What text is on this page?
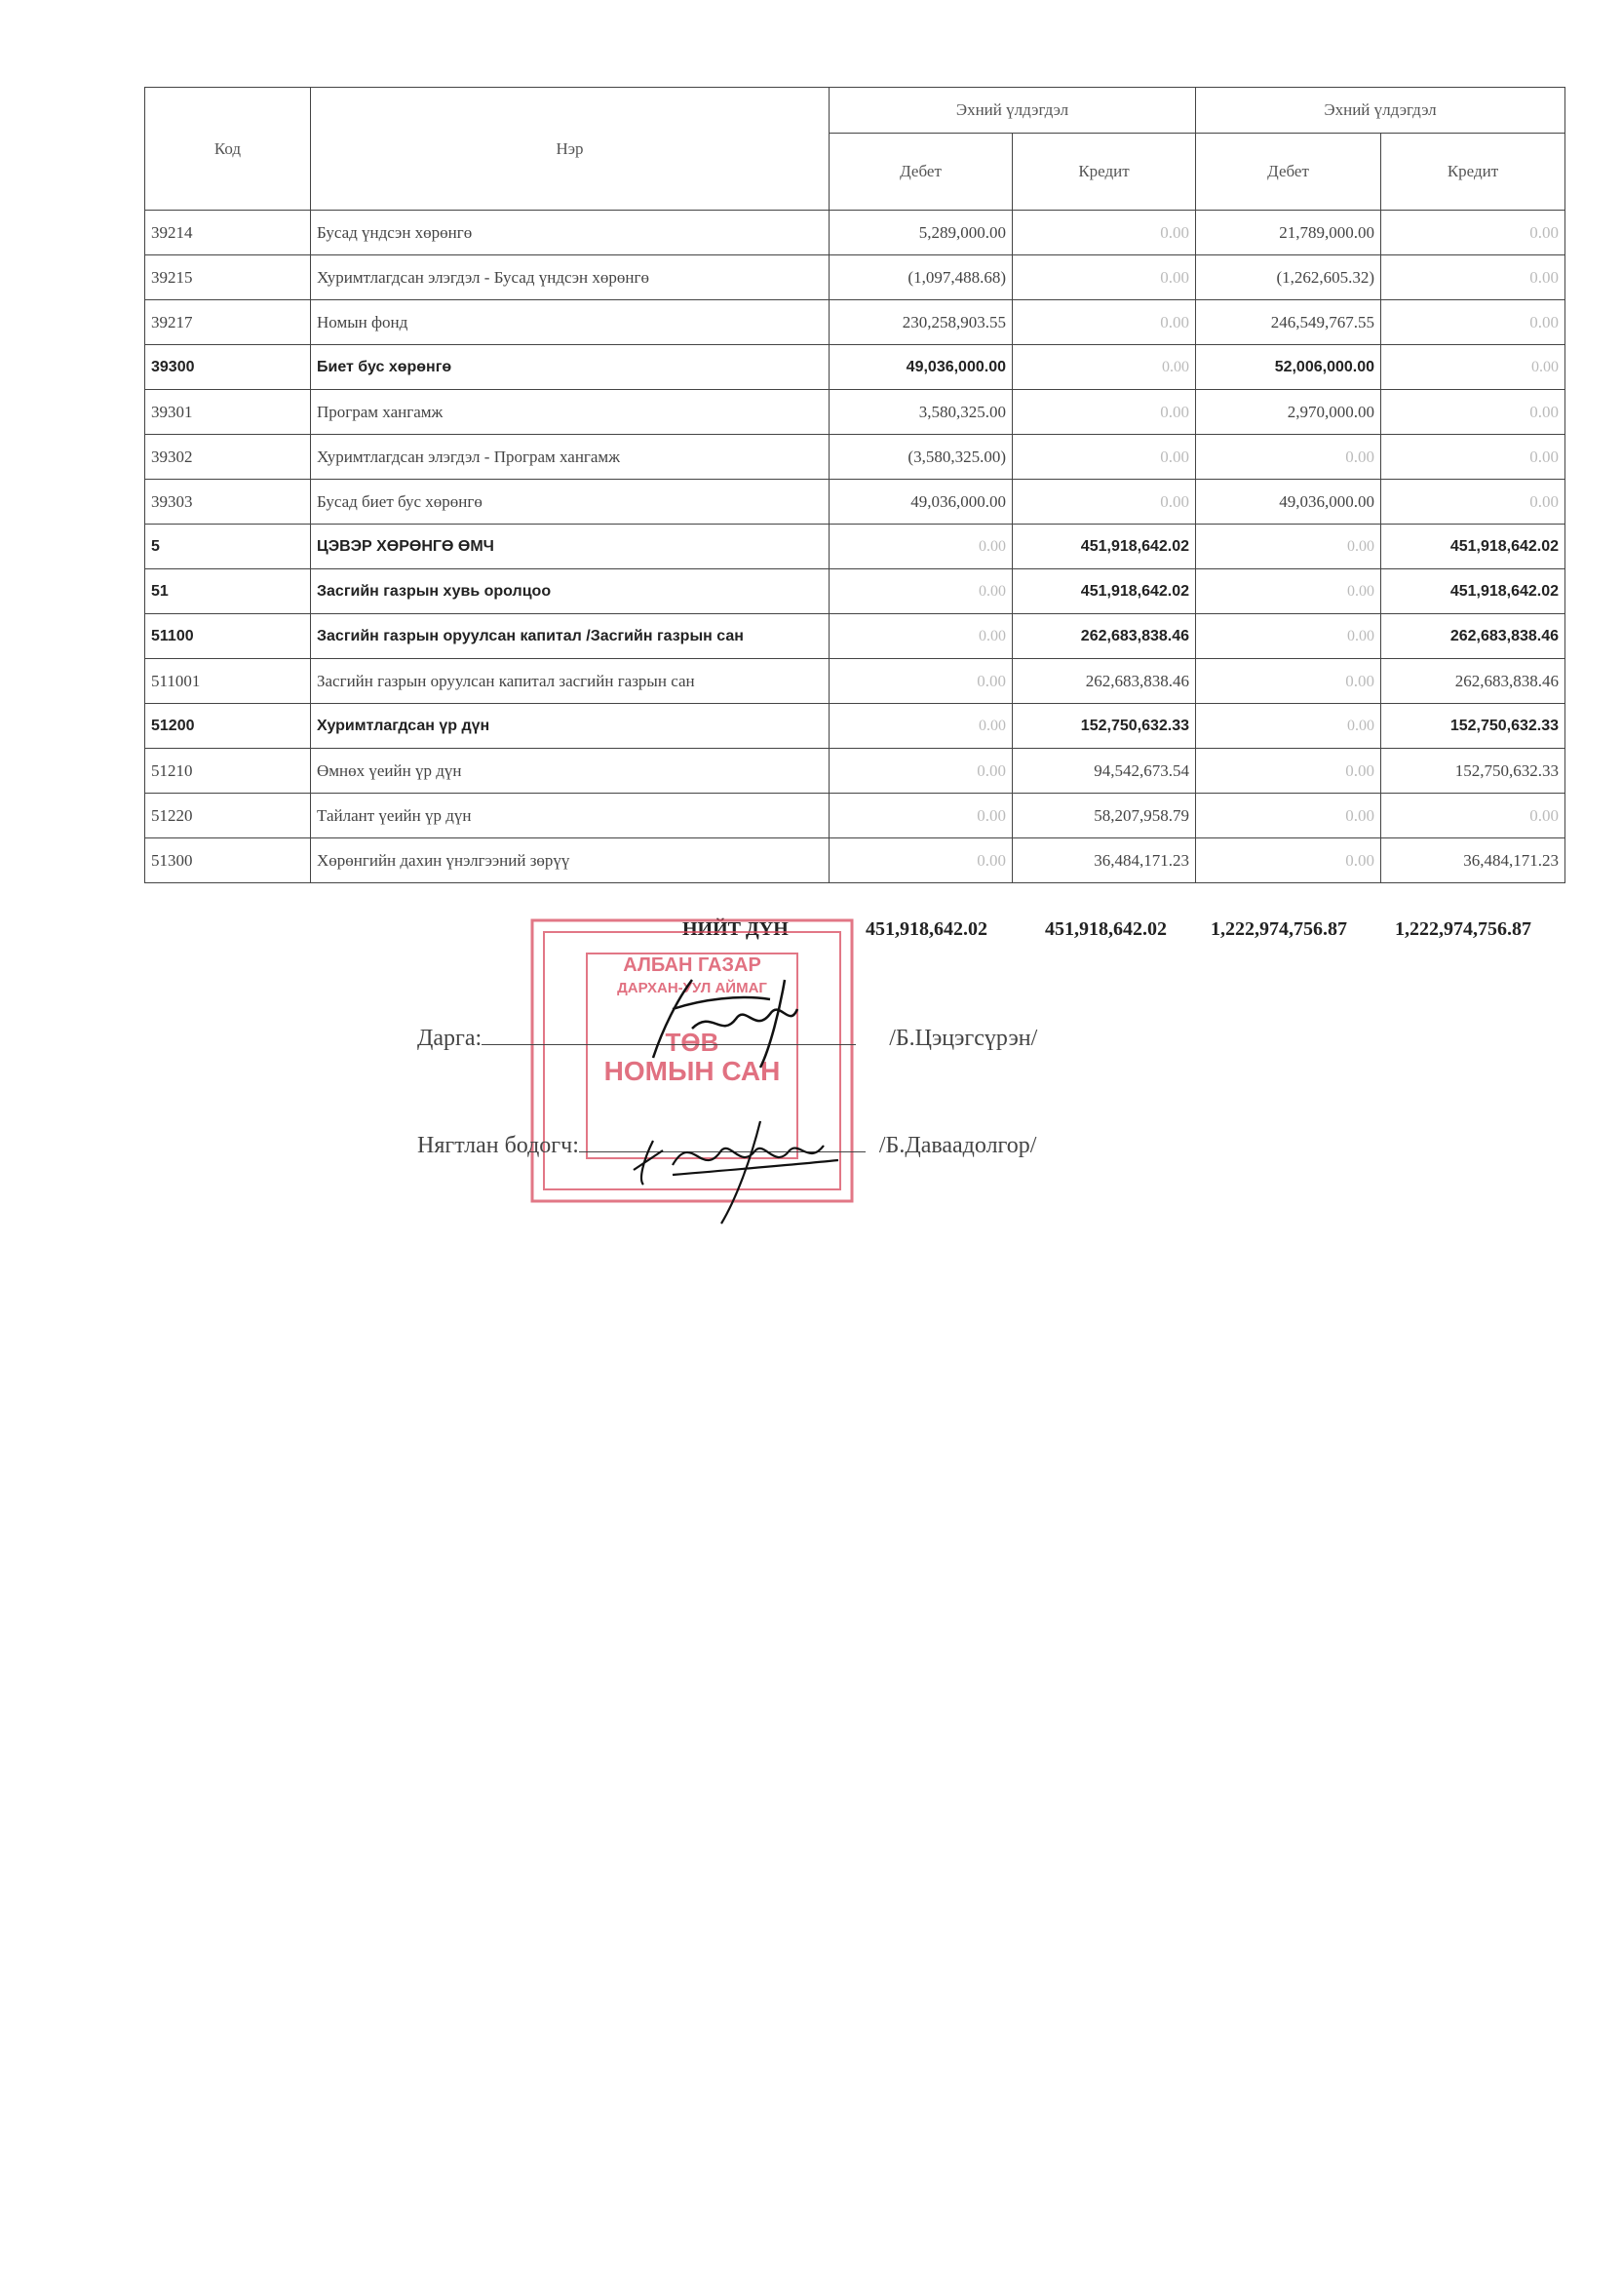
Код	Нэр	Эхний үлдэгдэл		Эхний үлдэгдэл	
		Дебет	Кредит	Дебет	Кредит
39214	Бусад үндсэн хөрөнгө	5,289,000.00	0.00	21,789,000.00	0.00
39215	Хуримтлагдсан элэгдэл - Бусад үндсэн хөрөнгө	(1,097,488.68)	0.00	(1,262,605.32)	0.00
39217	Номын фонд	230,258,903.55	0.00	246,549,767.55	0.00
39300	Биет бус хөрөнгө	49,036,000.00	0.00	52,006,000.00	0.00
39301	Програм хангамж	3,580,325.00	0.00	2,970,000.00	0.00
39302	Хуримтлагдсан элэгдэл - Програм хангамж	(3,580,325.00)	0.00	0.00	0.00
39303	Бусад биет бус хөрөнгө	49,036,000.00	0.00	49,036,000.00	0.00
5	ЦЭВЭР ХӨРӨНГӨ ӨМЧ	0.00	451,918,642.02	0.00	451,918,642.02
51	Засгийн газрын хувь оролцоо	0.00	451,918,642.02	0.00	451,918,642.02
51100	Засгийн газрын оруулсан капитал /Засгийн газрын сан	0.00	262,683,838.46	0.00	262,683,838.46
511001	Засгийн газрын оруулсан капитал засгийн газрын сан	0.00	262,683,838.46	0.00	262,683,838.46
51200	Хуримтлагдсан үр дүн	0.00	152,750,632.33	0.00	152,750,632.33
51210	Өмнөх үеийн үр дүн	0.00	94,542,673.54	0.00	152,750,632.33
51220	Тайлант үеийн үр дүн	0.00	58,207,958.79	0.00	0.00
51300	Хөрөнгийн дахин үнэлгээний зөрүү	0.00	36,484,171.23	0.00	36,484,171.23
НИЙТ ДҮН	451,918,642.02	451,918,642.02 1,222,974,756.87 1,222,974,756.87
АЛБАН ГАЗАР
ДАРХАН-УУЛ АЙМАГ
ТӨВ
НОМЫН САН
Дарга:	/Б.Цэцэгсүрэн/
Нягтлан бодогч:	/Б.Даваадолгор/
